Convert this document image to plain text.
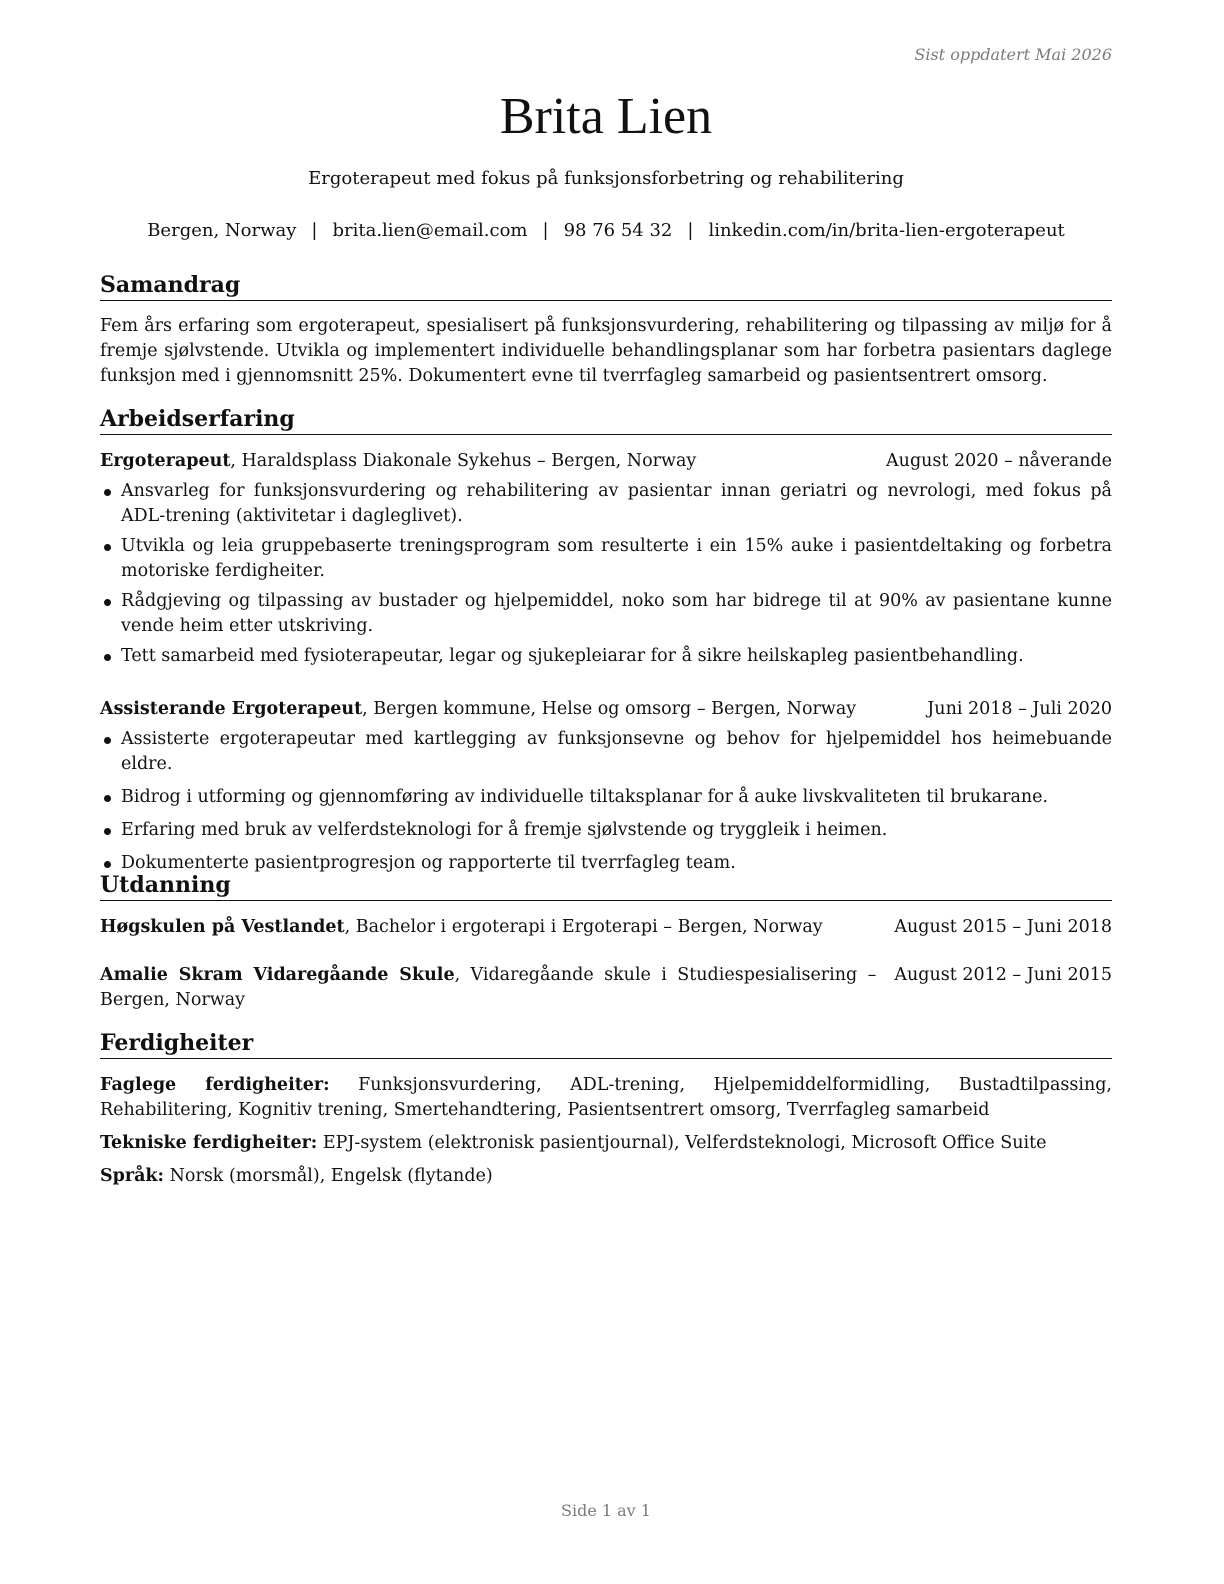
Sist oppdatert Mai 2026
Brita Lien
Ergoterapeut med fokus på funksjonsforbetring og rehabilitering
Bergen, Norway | brita.lien@email.com | 98 76 54 32 | linkedin.com/in/brita-lien-ergoterapeut
Samandrag
Fem års erfaring som ergoterapeut, spesialisert på funksjonsvurdering, rehabilitering og tilpassing av miljø for å fremje sjølvstende. Utvikla og implementert individuelle behandlingsplanar som har forbetra pasientars daglege funksjon med i gjennomsnitt 25%. Dokumentert evne til tverrfagleg samarbeid og pasientsentrert omsorg.
Arbeidserfaring
Ergoterapeut, Haraldsplass Diakonale Sykehus – Bergen, Norway	August 2020 – nåverande
Ansvarleg for funksjonsvurdering og rehabilitering av pasientar innan geriatri og nevrologi, med fokus på ADL-trening (aktivitetar i dagleglivet).
Utvikla og leia gruppebaserte treningsprogram som resulterte i ein 15% auke i pasientdeltaking og forbetra motoriske ferdigheiter.
Rådgjeving og tilpassing av bustader og hjelpemiddel, noko som har bidrege til at 90% av pasientane kunne vende heim etter utskriving.
Tett samarbeid med fysioterapeutar, legar og sjukepleiarar for å sikre heilskapleg pasientbehandling.
Assisterande Ergoterapeut, Bergen kommune, Helse og omsorg – Bergen, Norway	Juni 2018 – Juli 2020
Assisterte ergoterapeutar med kartlegging av funksjonsevne og behov for hjelpemiddel hos heimebuande eldre.
Bidrog i utforming og gjennomføring av individuelle tiltaksplanar for å auke livskvaliteten til brukarane.
Erfaring med bruk av velferdsteknologi for å fremje sjølvstende og tryggleik i heimen.
Dokumenterte pasientprogresjon og rapporterte til tverrfagleg team.
Utdanning
Høgskulen på Vestlandet, Bachelor i ergoterapi i Ergoterapi – Bergen, Norway	August 2015 – Juni 2018
Amalie Skram Vidaregåande Skule, Vidaregåande skule i Studiespesialisering – Bergen, Norway
August 2012 – Juni 2015
Ferdigheiter
Faglege ferdigheiter: Funksjonsvurdering, ADL-trening, Hjelpemiddelformidling, Bustadtilpassing, Rehabilitering, Kognitiv trening, Smertehandtering, Pasientsentrert omsorg, Tverrfagleg samarbeid
Tekniske ferdigheiter: EPJ-system (elektronisk pasientjournal), Velferdsteknologi, Microsoft Office Suite
Språk: Norsk (morsmål), Engelsk (flytande)
Side 1 av 1
